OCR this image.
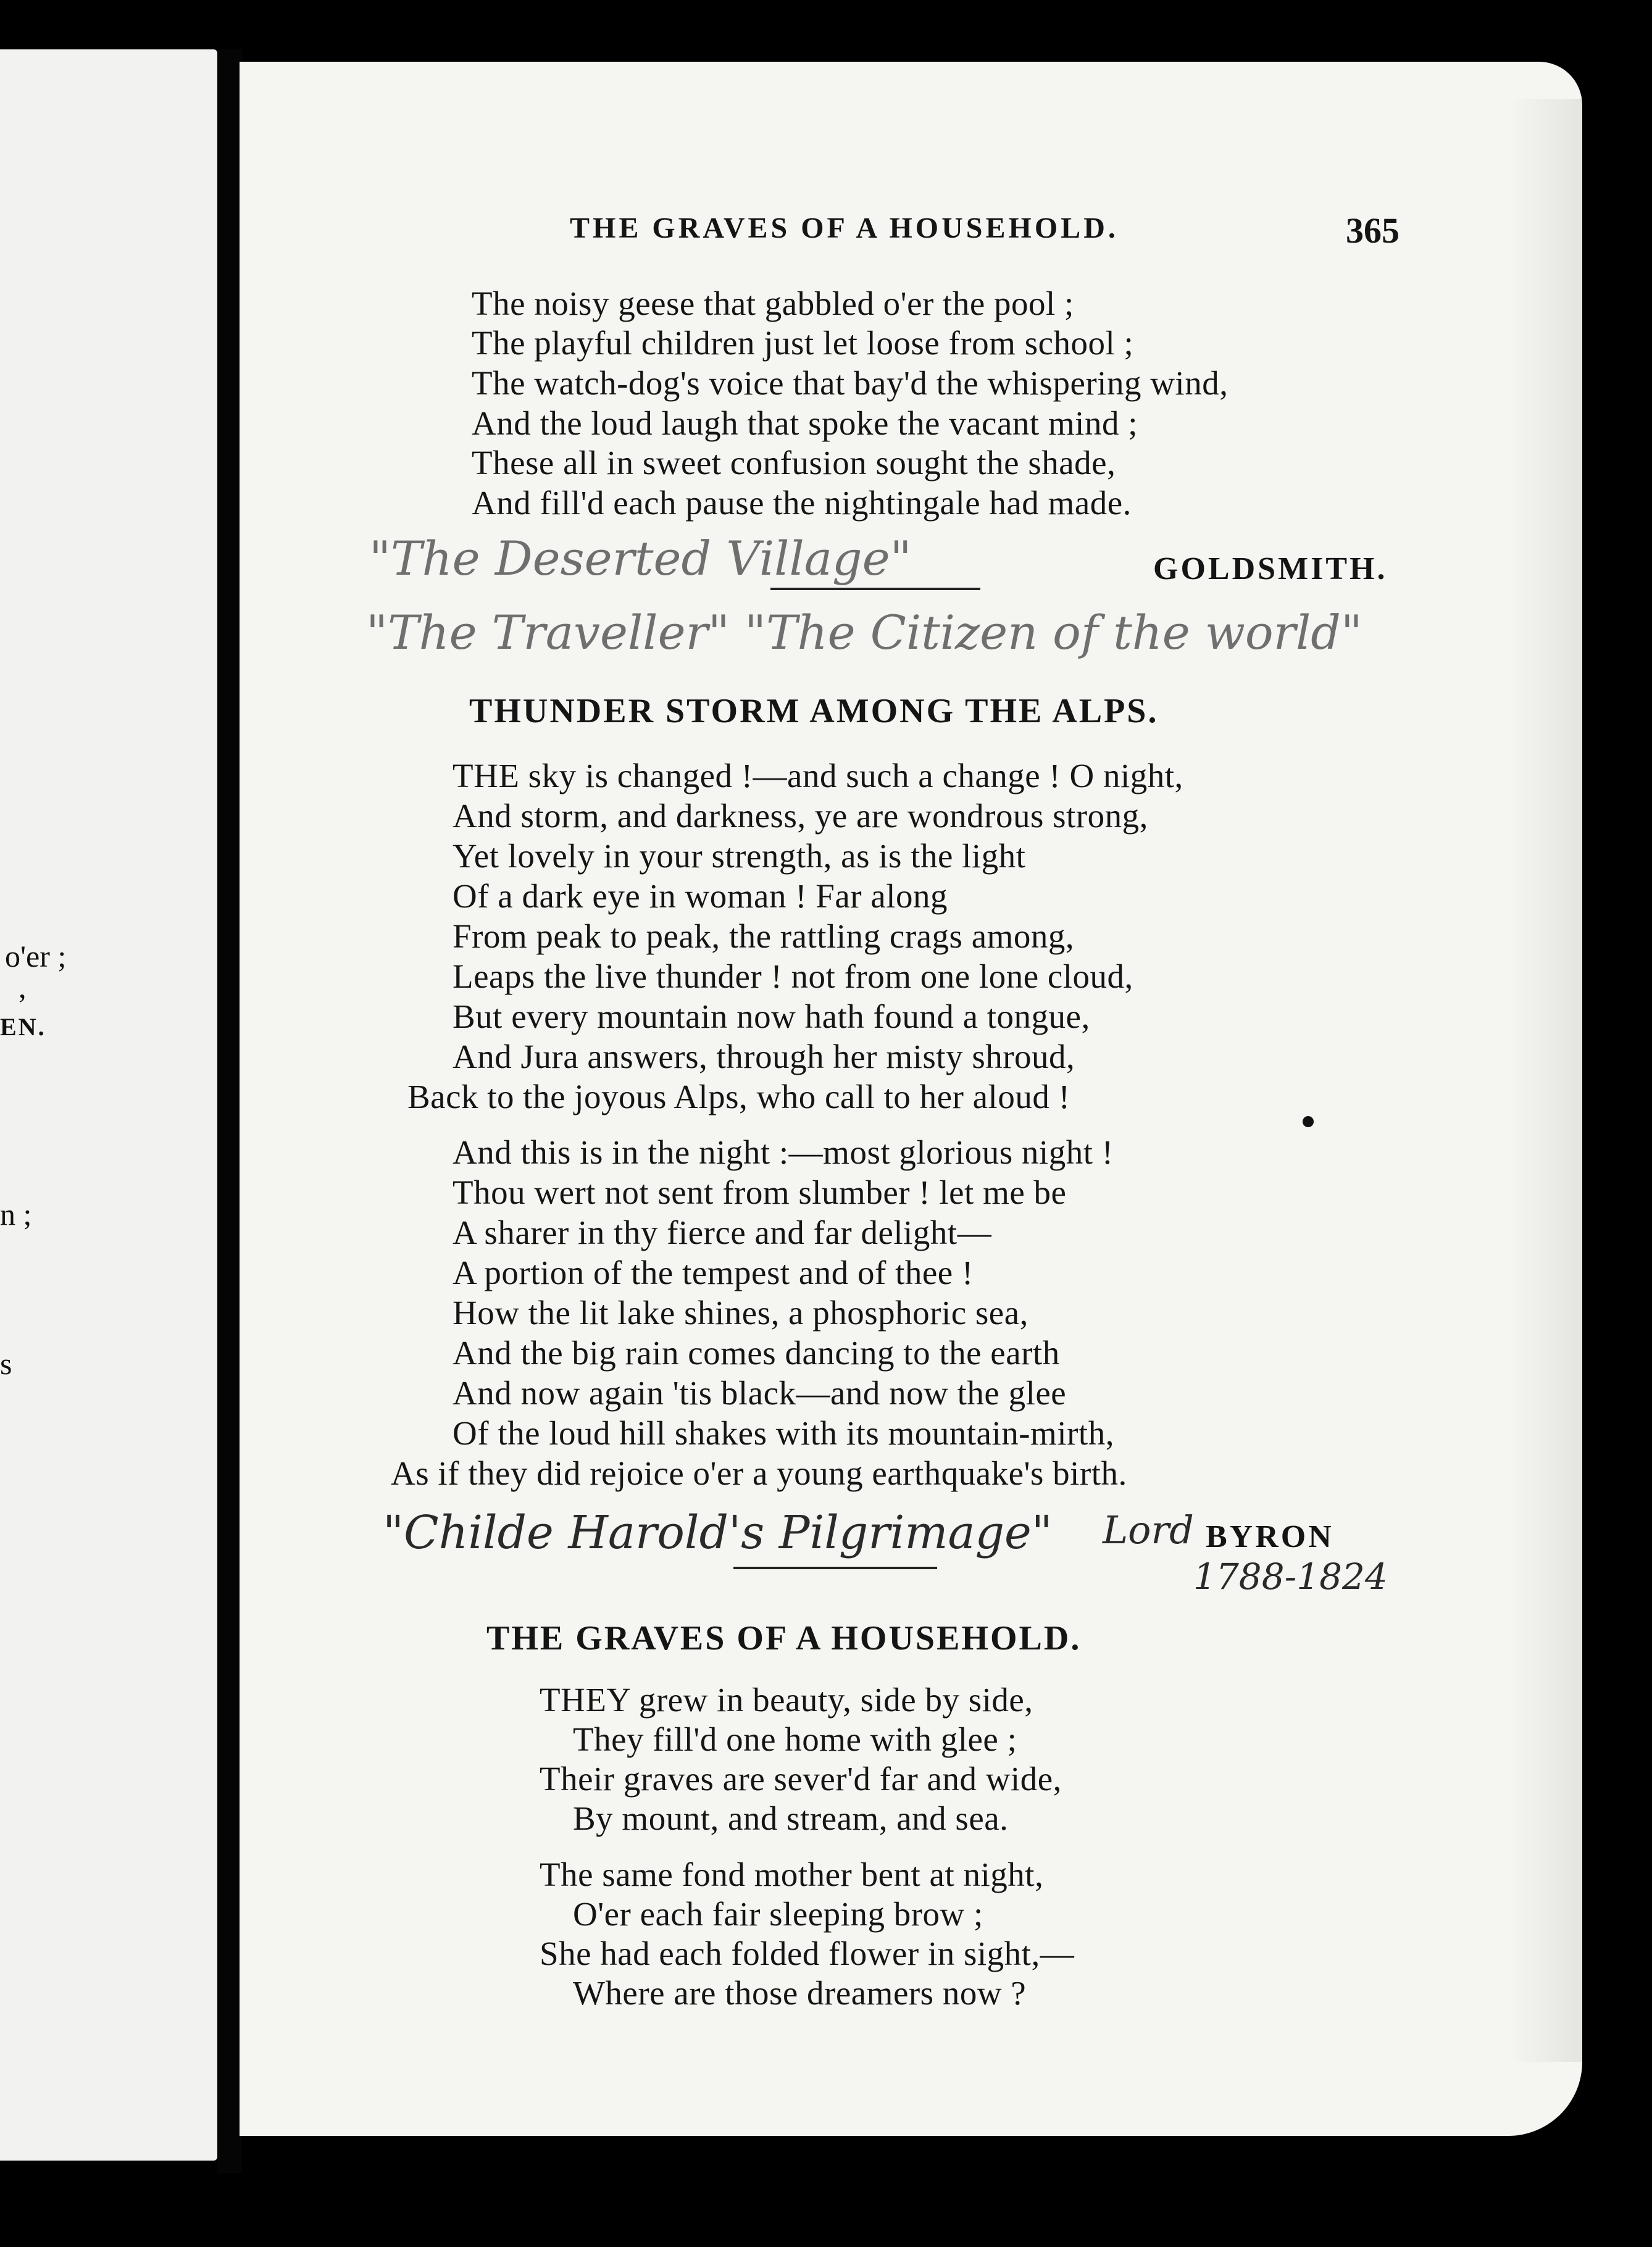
o'er ;
,
EN.
n ;
s
THE GRAVES OF A HOUSEHOLD.	365
The noisy geese that gabbled o'er the pool ;
The playful children just let loose from school ;
The watch-dog's voice that bay'd the whispering wind,
And the loud laugh that spoke the vacant mind ;
These all in sweet confusion sought the shade,
And fill'd each pause the nightingale had made.
"The Deserted Village"	GOLDSMITH.
"The Traveller" "The Citizen of the world"
THUNDER STORM AMONG THE ALPS.
THE sky is changed !—and such a change ! O night,
And storm, and darkness, ye are wondrous strong,
Yet lovely in your strength, as is the light
Of a dark eye in woman ! Far along
From peak to peak, the rattling crags among,
Leaps the live thunder ! not from one lone cloud,
But every mountain now hath found a tongue,
And Jura answers, through her misty shroud,
Back to the joyous Alps, who call to her aloud !
And this is in the night :—most glorious night !
Thou wert not sent from slumber ! let me be
A sharer in thy fierce and far delight—
A portion of the tempest and of thee !
How the lit lake shines, a phosphoric sea,
And the big rain comes dancing to the earth
And now again 'tis black—and now the glee
Of the loud hill shakes with its mountain-mirth,
As if they did rejoice o'er a young earthquake's birth.
"Childe Harold's Pilgrimage" Lord BYRON
1788-1824
THE GRAVES OF A HOUSEHOLD.
THEY grew in beauty, side by side,
They fill'd one home with glee ;
Their graves are sever'd far and wide,
By mount, and stream, and sea.
The same fond mother bent at night,
O'er each fair sleeping brow ;
She had each folded flower in sight,—
Where are those dreamers now ?
